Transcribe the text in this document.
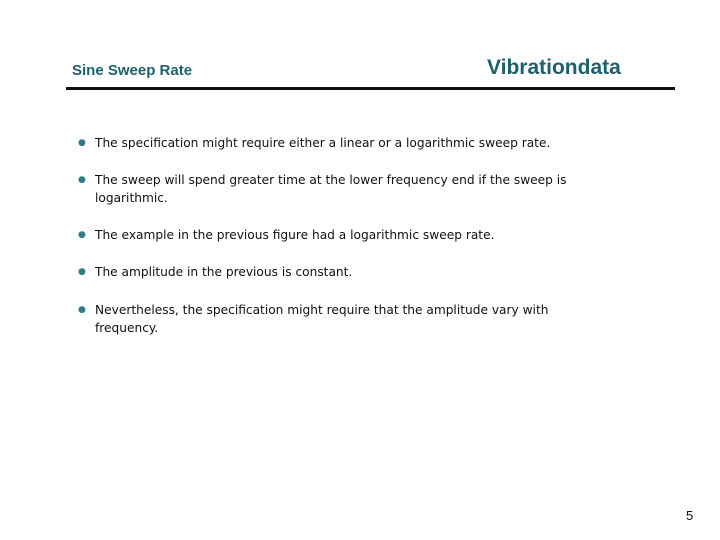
Sine Sweep Rate	Vibrationdata
● The specification might require either a linear or a logarithmic sweep rate.
● The sweep will spend greater time at the lower frequency end if the sweep is logarithmic.
● The example in the previous figure had a logarithmic sweep rate.
● The amplitude in the previous is constant.
● Nevertheless, the specification might require that the amplitude vary with frequency.
5
